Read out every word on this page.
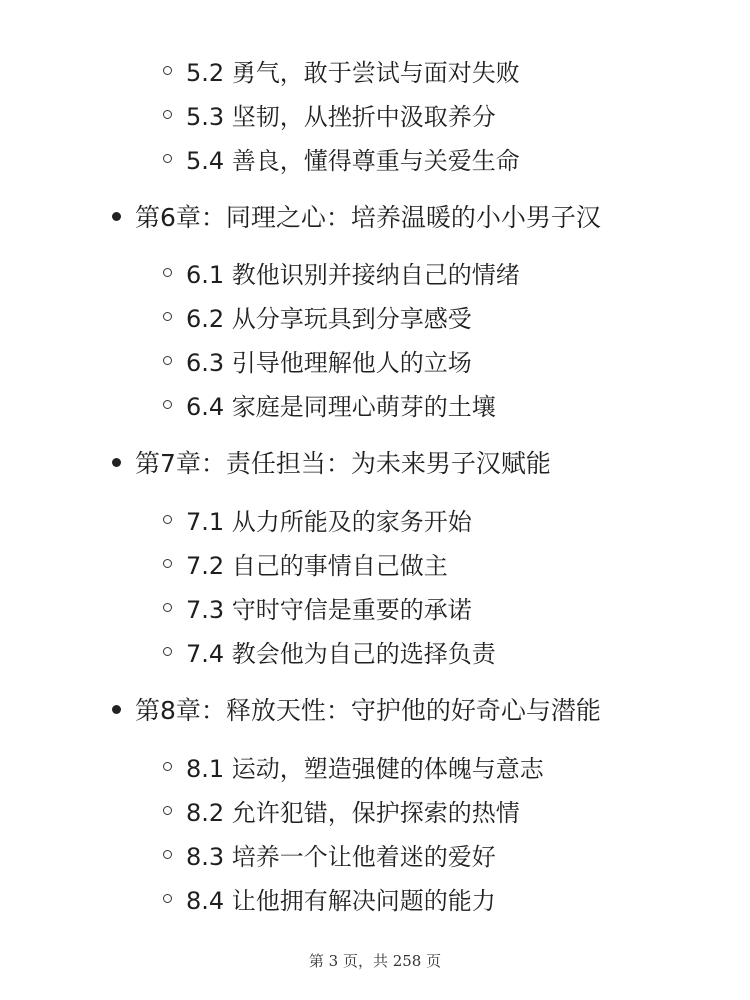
5.2 勇气，敢于尝试与面对失败
5.3 坚韧，从挫折中汲取养分
5.4 善良，懂得尊重与关爱生命
第6章：同理之心：培养温暖的小小男子汉
6.1 教他识别并接纳自己的情绪
6.2 从分享玩具到分享感受
6.3 引导他理解他人的立场
6.4 家庭是同理心萌芽的土壤
第7章：责任担当：为未来男子汉赋能
7.1 从力所能及的家务开始
7.2 自己的事情自己做主
7.3 守时守信是重要的承诺
7.4 教会他为自己的选择负责
第8章：释放天性：守护他的好奇心与潜能
8.1 运动，塑造强健的体魄与意志
8.2 允许犯错，保护探索的热情
8.3 培养一个让他着迷的爱好
8.4 让他拥有解决问题的能力
第 3 页，共 258 页
